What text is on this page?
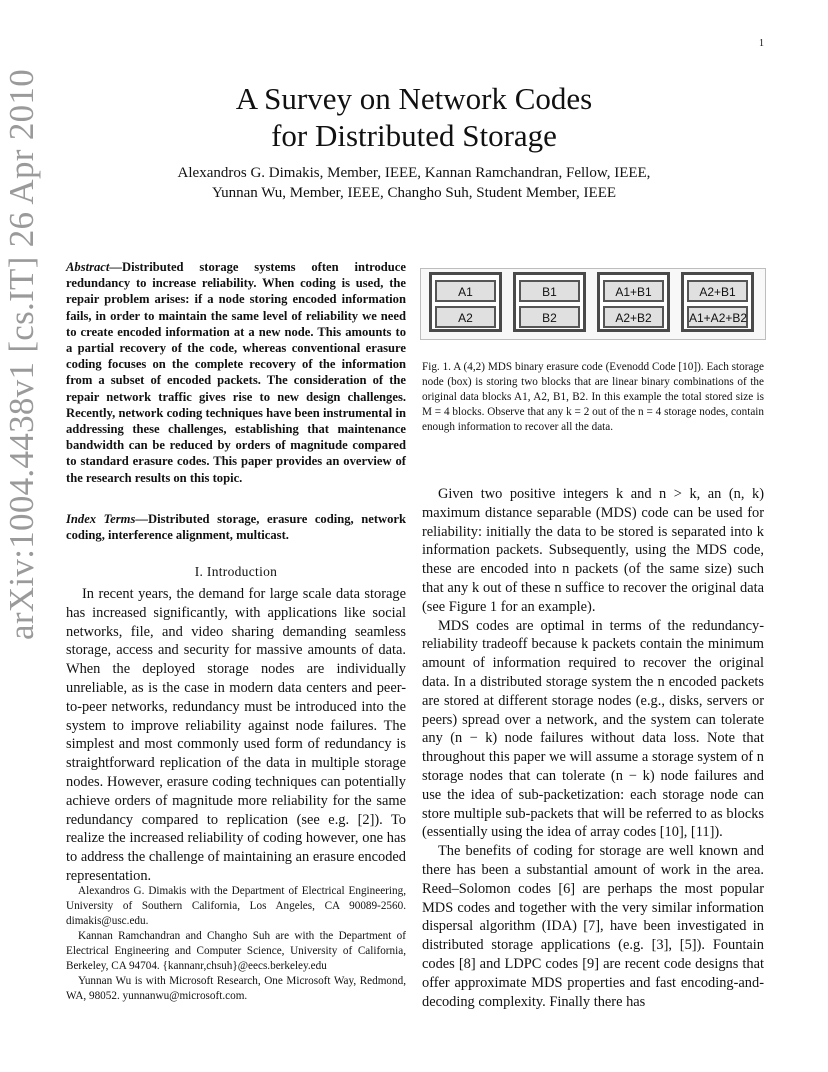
1
arXiv:1004.4438v1 [cs.IT] 26 Apr 2010	A Survey on Network Codes
for Distributed Storage
Alexandros G. Dimakis, Member, IEEE, Kannan Ramchandran, Fellow, IEEE,
Yunnan Wu, Member, IEEE, Changho Suh, Student Member, IEEE
Abstract—Distributed storage systems often introduce redundancy to increase reliability. When coding is used, the repair problem arises: if a node storing encoded information fails, in order to maintain the same level of reliability we need to create encoded information at a new node. This amounts to a partial recovery of the code, whereas conventional erasure coding focuses on the complete recovery of the information from a subset of encoded packets. The consideration of the repair network traffic gives rise to new design challenges. Recently, network coding techniques have been instrumental in addressing these challenges, establishing that maintenance bandwidth can be reduced by orders of magnitude compared to standard erasure codes. This paper provides an overview of the research results on this topic.
Index Terms—Distributed storage, erasure coding, network coding, interference alignment, multicast.
I. Introduction

In recent years, the demand for large scale data storage has increased significantly, with applications like social networks, file, and video sharing demanding seamless storage, access and security for massive amounts of data. When the deployed storage nodes are individually unreliable, as is the case in modern data centers and peer-to-peer networks, redundancy must be introduced into the system to improve reliability against node failures. The simplest and most commonly used form of redundancy is straightforward replication of the data in multiple storage nodes. However, erasure coding techniques can potentially achieve orders of magnitude more reliability for the same redundancy compared to replication (see e.g. [2]). To realize the increased reliability of coding however, one has to address the challenge of maintaining an erasure encoded representation.

Alexandros G. Dimakis with the Department of Electrical Engineering, University of Southern California, Los Angeles, CA 90089-2560. dimakis@usc.edu.

Kannan Ramchandran and Changho Suh are with the Department of Electrical Engineering and Computer Science, University of California, Berkeley, CA 94704. {kannanr,chsuh}@eecs.berkeley.edu

Yunnan Wu is with Microsoft Research, One Microsoft Way, Redmond, WA, 98052. yunnanwu@microsoft.com.

A1
A2
B1
B2
A1+B1
A2+B2
A2+B1
A1+A2+B2
Fig. 1. A (4,2) MDS binary erasure code (Evenodd Code [10]). Each storage node (box) is storing two blocks that are linear binary combinations of the original data blocks A1, A2, B1, B2. In this example the total stored size is M = 4 blocks. Observe that any k = 2 out of the n = 4 storage nodes, contain enough information to recover all the data.

Given two positive integers k and n > k, an (n, k) maximum distance separable (MDS) code can be used for reliability: initially the data to be stored is separated into k information packets. Subsequently, using the MDS code, these are encoded into n packets (of the same size) such that any k out of these n suffice to recover the original data (see Figure 1 for an example).

MDS codes are optimal in terms of the redundancy-reliability tradeoff because k packets contain the minimum amount of information required to recover the original data. In a distributed storage system the n encoded packets are stored at different storage nodes (e.g., disks, servers or peers) spread over a network, and the system can tolerate any (n − k) node failures without data loss. Note that throughout this paper we will assume a storage system of n storage nodes that can tolerate (n − k) node failures and use the idea of sub-packetization: each storage node can store multiple sub-packets that will be referred to as blocks (essentially using the idea of array codes [10], [11]).

The benefits of coding for storage are well known and there has been a substantial amount of work in the area. Reed–Solomon codes [6] are perhaps the most popular MDS codes and together with the very similar information dispersal algorithm (IDA) [7], have been investigated in distributed storage applications (e.g. [3], [5]). Fountain codes [8] and LDPC codes [9] are recent code designs that offer approximate MDS properties and fast encoding-and-decoding complexity. Finally there has
